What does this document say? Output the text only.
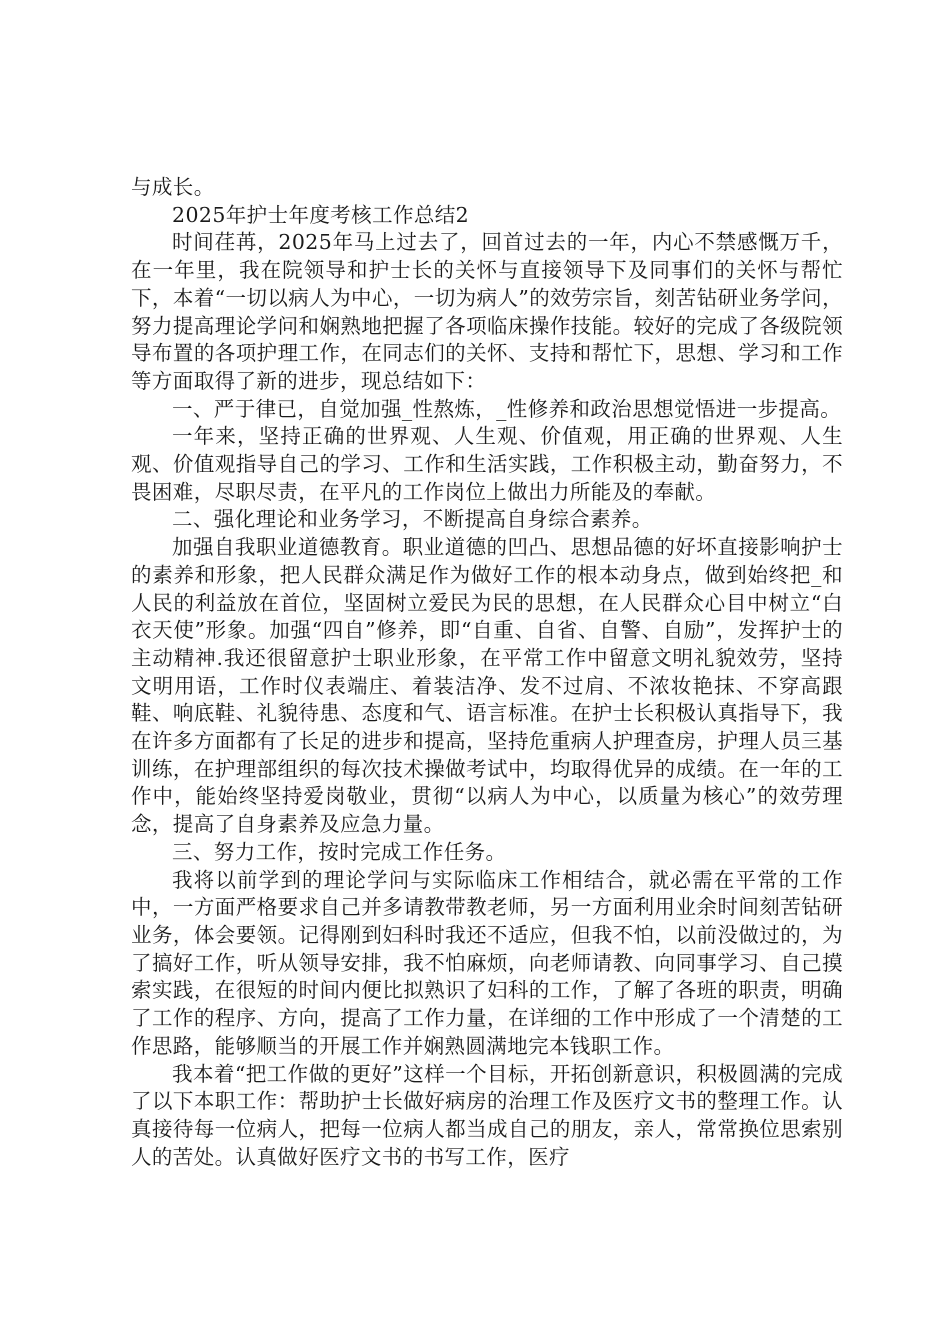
与成长。

2025年护士年度考核工作总结2

时间荏苒，2025年马上过去了，回首过去的一年，内心不禁感慨万千，在一年里，我在院领导和护士长的关怀与直接领导下及同事们的关怀与帮忙下，本着“一切以病人为中心，一切为病人”的效劳宗旨，刻苦钻研业务学问，努力提高理论学问和娴熟地把握了各项临床操作技能。较好的完成了各级院领导布置的各项护理工作，在同志们的关怀、支持和帮忙下，思想、学习和工作等方面取得了新的进步，现总结如下：

一、严于律已，自觉加强_性熬炼，_性修养和政治思想觉悟进一步提高。

一年来，坚持正确的世界观、人生观、价值观，用正确的世界观、人生观、价值观指导自己的学习、工作和生活实践，工作积极主动，勤奋努力，不畏困难，尽职尽责，在平凡的工作岗位上做出力所能及的奉献。

二、强化理论和业务学习，不断提高自身综合素养。

加强自我职业道德教育。职业道德的凹凸、思想品德的好坏直接影响护士的素养和形象，把人民群众满足作为做好工作的根本动身点，做到始终把_和人民的利益放在首位，坚固树立爱民为民的思想，在人民群众心目中树立“白衣天使”形象。加强“四自”修养，即“自重、自省、自警、自励”，发挥护士的主动精神.我还很留意护士职业形象，在平常工作中留意文明礼貌效劳，坚持文明用语，工作时仪表端庄、着装洁净、发不过肩、不浓妆艳抹、不穿高跟鞋、响底鞋、礼貌待患、态度和气、语言标准。在护士长积极认真指导下，我在许多方面都有了长足的进步和提高，坚持危重病人护理查房，护理人员三基训练，在护理部组织的每次技术操做考试中，均取得优异的成绩。在一年的工作中，能始终坚持爱岗敬业，贯彻“以病人为中心，以质量为核心”的效劳理念，提高了自身素养及应急力量。

三、努力工作，按时完成工作任务。

我将以前学到的理论学问与实际临床工作相结合，就必需在平常的工作中，一方面严格要求自己并多请教带教老师，另一方面利用业余时间刻苦钻研业务，体会要领。记得刚到妇科时我还不适应，但我不怕，以前没做过的，为了搞好工作，听从领导安排，我不怕麻烦，向老师请教、向同事学习、自己摸索实践，在很短的时间内便比拟熟识了妇科的工作，了解了各班的职责，明确了工作的程序、方向，提高了工作力量，在详细的工作中形成了一个清楚的工作思路，能够顺当的开展工作并娴熟圆满地完本钱职工作。

我本着“把工作做的更好”这样一个目标，开拓创新意识，积极圆满的完成了以下本职工作：帮助护士长做好病房的治理工作及医疗文书的整理工作。认真接待每一位病人，把每一位病人都当成自己的朋友，亲人，常常换位思索别人的苦处。认真做好医疗文书的书写工作，医疗
